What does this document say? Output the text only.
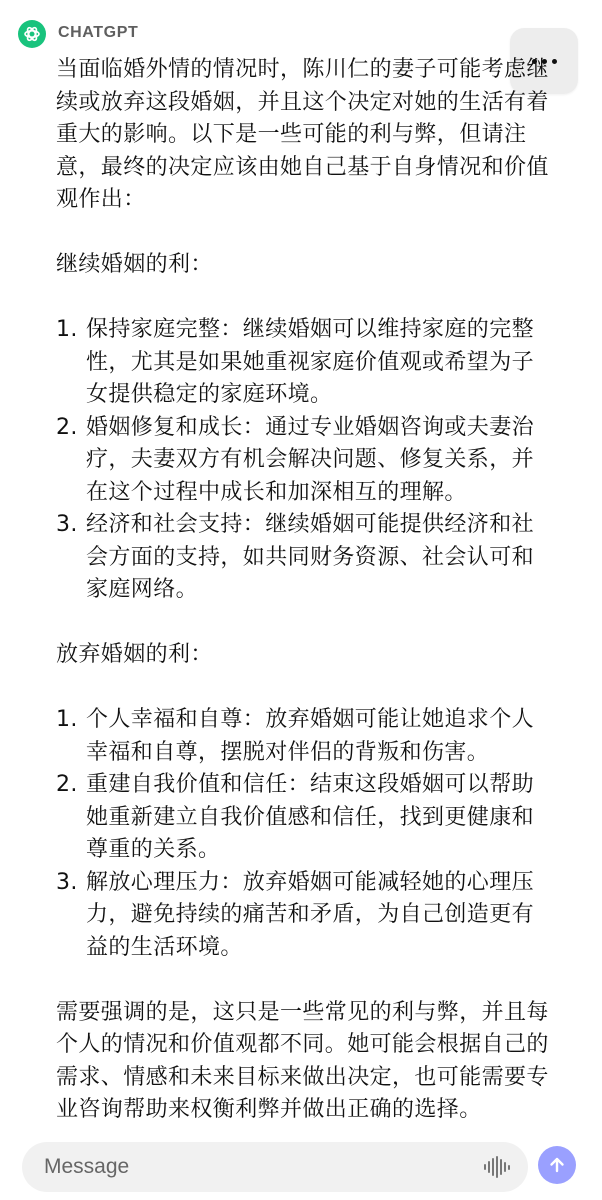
CHATGPT

当面临婚外情的情况时，陈川仁的妻子可能考虑继续或放弃这段婚姻，并且这个决定对她的生活有着重大的影响。以下是一些可能的利与弊，但请注意，最终的决定应该由她自己基于自身情况和价值观作出：

继续婚姻的利：

1. 保持家庭完整：继续婚姻可以维持家庭的完整性，尤其是如果她重视家庭价值观或希望为子女提供稳定的家庭环境。
2. 婚姻修复和成长：通过专业婚姻咨询或夫妻治疗，夫妻双方有机会解决问题、修复关系，并在这个过程中成长和加深相互的理解。
3. 经济和社会支持：继续婚姻可能提供经济和社会方面的支持，如共同财务资源、社会认可和家庭网络。

放弃婚姻的利：

1. 个人幸福和自尊：放弃婚姻可能让她追求个人幸福和自尊，摆脱对伴侣的背叛和伤害。
2. 重建自我价值和信任：结束这段婚姻可以帮助她重新建立自我价值感和信任，找到更健康和尊重的关系。
3. 解放心理压力：放弃婚姻可能减轻她的心理压力，避免持续的痛苦和矛盾，为自己创造更有益的生活环境。

需要强调的是，这只是一些常见的利与弊，并且每个人的情况和价值观都不同。她可能会根据自己的需求、情感和未来目标来做出决定，也可能需要专业咨询帮助来权衡利弊并做出正确的选择。

Message
